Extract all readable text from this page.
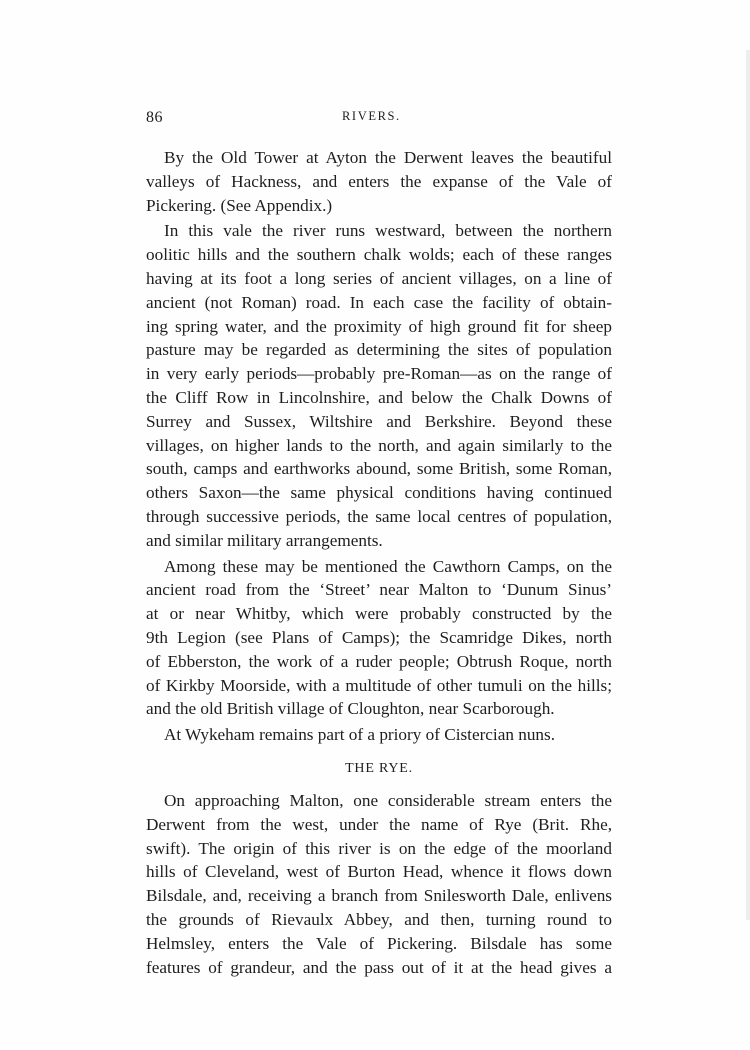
86	RIVERS.
By the Old Tower at Ayton the Derwent leaves the beautiful
valleys of Hackness, and enters the expanse of the Vale of
Pickering. (See Appendix.)
In this vale the river runs westward, between the northern
oolitic hills and the southern chalk wolds; each of these ranges
having at its foot a long series of ancient villages, on a line of
ancient (not Roman) road. In each case the facility of obtain-
ing spring water, and the proximity of high ground fit for sheep
pasture may be regarded as determining the sites of population
in very early periods—probably pre-Roman—as on the range of
the Cliff Row in Lincolnshire, and below the Chalk Downs of
Surrey and Sussex, Wiltshire and Berkshire. Beyond these
villages, on higher lands to the north, and again similarly to the
south, camps and earthworks abound, some British, some Roman,
others Saxon—the same physical conditions having continued
through successive periods, the same local centres of population,
and similar military arrangements.
Among these may be mentioned the Cawthorn Camps, on the
ancient road from the ‘Street’ near Malton to ‘Dunum Sinus’
at or near Whitby, which were probably constructed by the
9th Legion (see Plans of Camps); the Scamridge Dikes, north
of Ebberston, the work of a ruder people; Obtrush Roque, north
of Kirkby Moorside, with a multitude of other tumuli on the hills;
and the old British village of Cloughton, near Scarborough.
At Wykeham remains part of a priory of Cistercian nuns.
THE RYE.
On approaching Malton, one considerable stream enters the
Derwent from the west, under the name of Rye (Brit. Rhe,
swift). The origin of this river is on the edge of the moorland
hills of Cleveland, west of Burton Head, whence it flows down
Bilsdale, and, receiving a branch from Snilesworth Dale, enlivens
the grounds of Rievaulx Abbey, and then, turning round to
Helmsley, enters the Vale of Pickering. Bilsdale has some
features of grandeur, and the pass out of it at the head gives a
